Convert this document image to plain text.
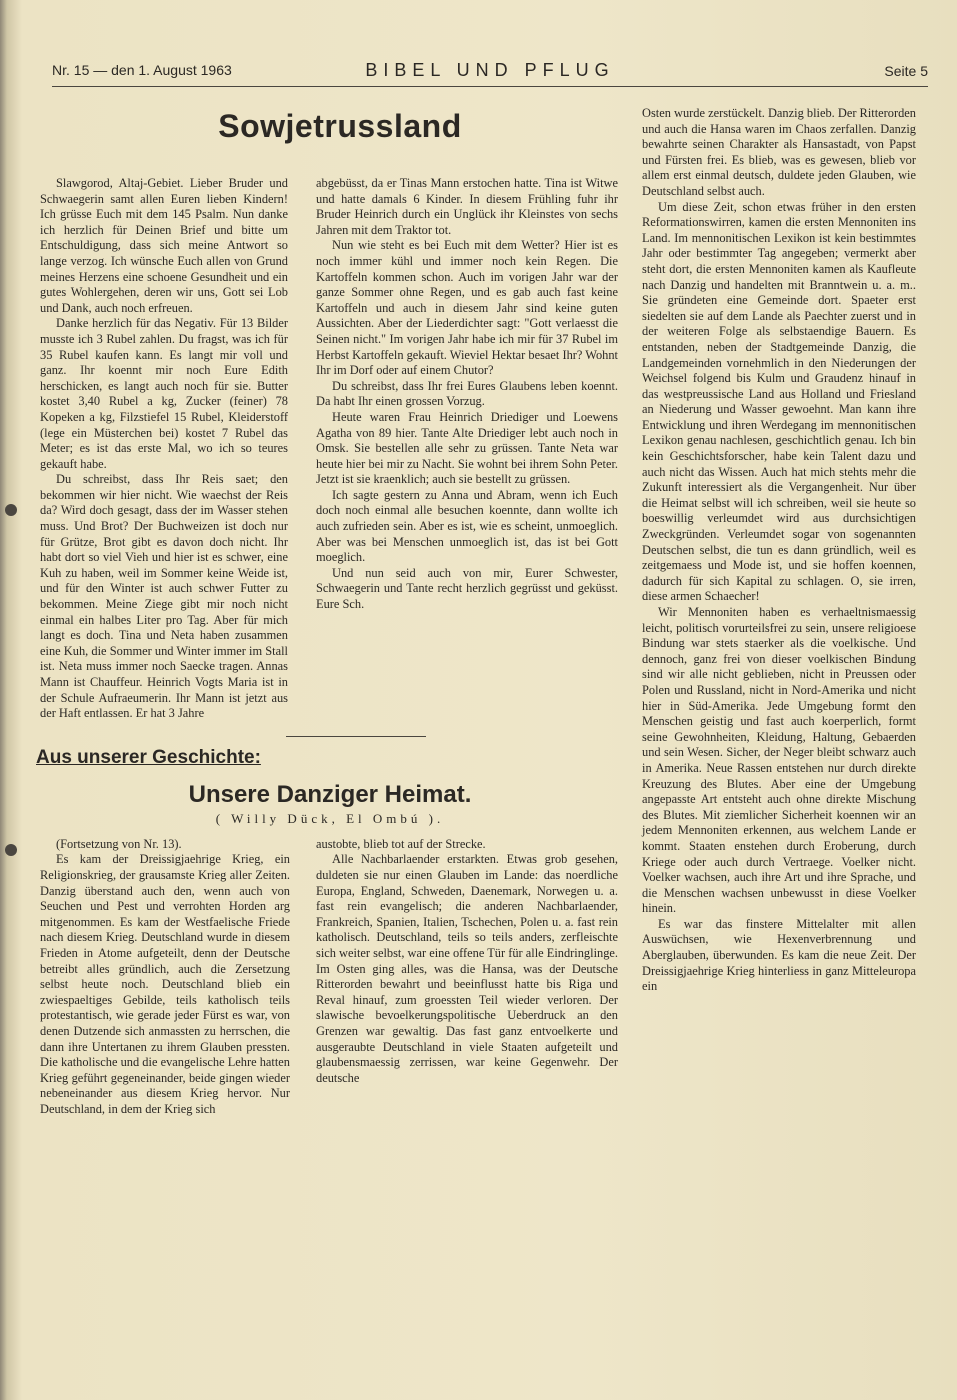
Nr. 15 — den 1. August 1963	BIBEL UND PFLUG	Seite 5
Sowjetrussland

Slawgorod, Altaj-Gebiet. Lieber Bruder und Schwaegerin samt allen Euren lieben Kindern! Ich grüsse Euch mit dem 145 Psalm. Nun danke ich herzlich für Deinen Brief und bitte um Entschuldigung, dass sich meine Antwort so lange verzog. Ich wünsche Euch allen von Grund meines Herzens eine schoene Gesundheit und ein gutes Wohlergehen, deren wir uns, Gott sei Lob und Dank, auch noch erfreuen.

Danke herzlich für das Negativ. Für 13 Bilder musste ich 3 Rubel zahlen. Du fragst, was ich für 35 Rubel kaufen kann. Es langt mir voll und ganz. Ihr koennt mir noch Eure Edith herschicken, es langt auch noch für sie. Butter kostet 3,40 Rubel a kg, Zucker (feiner) 78 Kopeken a kg, Filzstiefel 15 Rubel, Kleiderstoff (lege ein Müsterchen bei) kostet 7 Rubel das Meter; es ist das erste Mal, wo ich so teures gekauft habe.

Du schreibst, dass Ihr Reis saet; den bekommen wir hier nicht. Wie waechst der Reis da? Wird doch gesagt, dass der im Wasser stehen muss. Und Brot? Der Buchweizen ist doch nur für Grütze, Brot gibt es davon doch nicht. Ihr habt dort so viel Vieh und hier ist es schwer, eine Kuh zu haben, weil im Sommer keine Weide ist, und für den Winter ist auch schwer Futter zu bekommen. Meine Ziege gibt mir noch nicht einmal ein halbes Liter pro Tag. Aber für mich langt es doch. Tina und Neta haben zusammen eine Kuh, die Sommer und Winter immer im Stall ist. Neta muss immer noch Saecke tragen. Annas Mann ist Chauffeur. Heinrich Vogts Maria ist in der Schule Aufraeumerin. Ihr Mann ist jetzt aus der Haft entlassen. Er hat 3 Jahre

abgebüsst, da er Tinas Mann erstochen hatte. Tina ist Witwe und hatte damals 6 Kinder. In diesem Frühling fuhr ihr Bruder Heinrich durch ein Unglück ihr Kleinstes von sechs Jahren mit dem Traktor tot.

Nun wie steht es bei Euch mit dem Wetter? Hier ist es noch immer kühl und immer noch kein Regen. Die Kartoffeln kommen schon. Auch im vorigen Jahr war der ganze Sommer ohne Regen, und es gab auch fast keine Kartoffeln und auch in diesem Jahr sind keine guten Aussichten. Aber der Liederdichter sagt: "Gott verlaesst die Seinen nicht." Im vorigen Jahr habe ich mir für 37 Rubel im Herbst Kartoffeln gekauft. Wieviel Hektar besaet Ihr? Wohnt Ihr im Dorf oder auf einem Chutor?

Du schreibst, dass Ihr frei Eures Glaubens leben koennt. Da habt Ihr einen grossen Vorzug.

Heute waren Frau Heinrich Driediger und Loewens Agatha von 89 hier. Tante Alte Driediger lebt auch noch in Omsk. Sie bestellen alle sehr zu grüssen. Tante Neta war heute hier bei mir zu Nacht. Sie wohnt bei ihrem Sohn Peter. Jetzt ist sie kraenklich; auch sie bestellt zu grüssen.

Ich sagte gestern zu Anna und Abram, wenn ich Euch doch noch einmal alle besuchen koennte, dann wollte ich auch zufrieden sein. Aber es ist, wie es scheint, unmoeglich. Aber was bei Menschen unmoeglich ist, das ist bei Gott moeglich.

Und nun seid auch von mir, Eurer Schwester, Schwaegerin und Tante recht herzlich gegrüsst und geküsst. Eure Sch.

Aus unserer Geschichte:
Unsere Danziger Heimat.
( Willy Dück, El Ombú ).

(Fortsetzung von Nr. 13).

Es kam der Dreissigjaehrige Krieg, ein Religionskrieg, der grausamste Krieg aller Zeiten. Danzig überstand auch den, wenn auch von Seuchen und Pest und verrohten Horden arg mitgenommen. Es kam der Westfaelische Friede nach diesem Krieg. Deutschland wurde in diesem Frieden in Atome aufgeteilt, denn der Deutsche betreibt alles gründlich, auch die Zersetzung selbst heute noch. Deutschland blieb ein zwiespaeltiges Gebilde, teils katholisch teils protestantisch, wie gerade jeder Fürst es war, von denen Dutzende sich anmassten zu herrschen, die dann ihre Untertanen zu ihrem Glauben pressten. Die katholische und die evangelische Lehre hatten Krieg geführt gegeneinander, beide gingen wieder nebeneinander aus diesem Krieg hervor. Nur Deutschland, in dem der Krieg sich

austobte, blieb tot auf der Strecke.

Alle Nachbarlaender erstarkten. Etwas grob gesehen, duldeten sie nur einen Glauben im Lande: das noerdliche Europa, England, Schweden, Daenemark, Norwegen u. a. fast rein evangelisch; die anderen Nachbarlaender, Frankreich, Spanien, Italien, Tschechen, Polen u. a. fast rein katholisch. Deutschland, teils so teils anders, zerfleischte sich weiter selbst, war eine offene Tür für alle Eindringlinge. Im Osten ging alles, was die Hansa, was der Deutsche Ritterorden bewahrt und beeinflusst hatte bis Riga und Reval hinauf, zum groessten Teil wieder verloren. Der slawische bevoelkerungspolitische Ueberdruck an den Grenzen war gewaltig. Das fast ganz entvoelkerte und ausgeraubte Deutschland in viele Staaten aufgeteilt und glaubensmaessig zerrissen, war keine Gegenwehr. Der deutsche

Osten wurde zerstückelt. Danzig blieb. Der Ritterorden und auch die Hansa waren im Chaos zerfallen. Danzig bewahrte seinen Charakter als Hansastadt, von Papst und Fürsten frei. Es blieb, was es gewesen, blieb vor allem erst einmal deutsch, duldete jeden Glauben, wie Deutschland selbst auch.

Um diese Zeit, schon etwas früher in den ersten Reformationswirren, kamen die ersten Mennoniten ins Land. Im mennonitischen Lexikon ist kein bestimmtes Jahr oder bestimmter Tag angegeben; vermerkt aber steht dort, die ersten Mennoniten kamen als Kaufleute nach Danzig und handelten mit Branntwein u. a. m.. Sie gründeten eine Gemeinde dort. Spaeter erst siedelten sie auf dem Lande als Paechter zuerst und in der weiteren Folge als selbstaendige Bauern. Es entstanden, neben der Stadtgemeinde Danzig, die Landgemeinden vornehmlich in den Niederungen der Weichsel folgend bis Kulm und Graudenz hinauf in das westpreussische Land aus Holland und Friesland an Niederung und Wasser gewoehnt. Man kann ihre Entwicklung und ihren Werdegang im mennonitischen Lexikon genau nachlesen, geschichtlich genau. Ich bin kein Geschichtsforscher, habe kein Talent dazu und auch nicht das Wissen. Auch hat mich stehts mehr die Zukunft interessiert als die Vergangenheit. Nur über die Heimat selbst will ich schreiben, weil sie heute so boeswillig verleumdet wird aus durchsichtigen Zweckgründen. Verleumdet sogar von sogenannten Deutschen selbst, die tun es dann gründlich, weil es zeitgemaess und Mode ist, und sie hoffen koennen, dadurch für sich Kapital zu schlagen. O, sie irren, diese armen Schaecher!

Wir Mennoniten haben es verhaeltnismaessig leicht, politisch vorurteilsfrei zu sein, unsere religioese Bindung war stets staerker als die voelkische. Und dennoch, ganz frei von dieser voelkischen Bindung sind wir alle nicht geblieben, nicht in Preussen oder Polen und Russland, nicht in Nord-Amerika und nicht hier in Süd-Amerika. Jede Umgebung formt den Menschen geistig und fast auch koerperlich, formt seine Gewohnheiten, Kleidung, Haltung, Gebaerden und sein Wesen. Sicher, der Neger bleibt schwarz auch in Amerika. Neue Rassen entstehen nur durch direkte Kreuzung des Blutes. Aber eine der Umgebung angepasste Art entsteht auch ohne direkte Mischung des Blutes. Mit ziemlicher Sicherheit koennen wir an jedem Mennoniten erkennen, aus welchem Lande er kommt. Staaten enstehen durch Eroberung, durch Kriege oder auch durch Vertraege. Voelker nicht. Voelker wachsen, auch ihre Art und ihre Sprache, und die Menschen wachsen unbewusst in diese Voelker hinein.

Es war das finstere Mittelalter mit allen Auswüchsen, wie Hexenverbrennung und Aberglauben, überwunden. Es kam die neue Zeit. Der Dreissigjaehrige Krieg hinterliess in ganz Mitteleuropa ein
